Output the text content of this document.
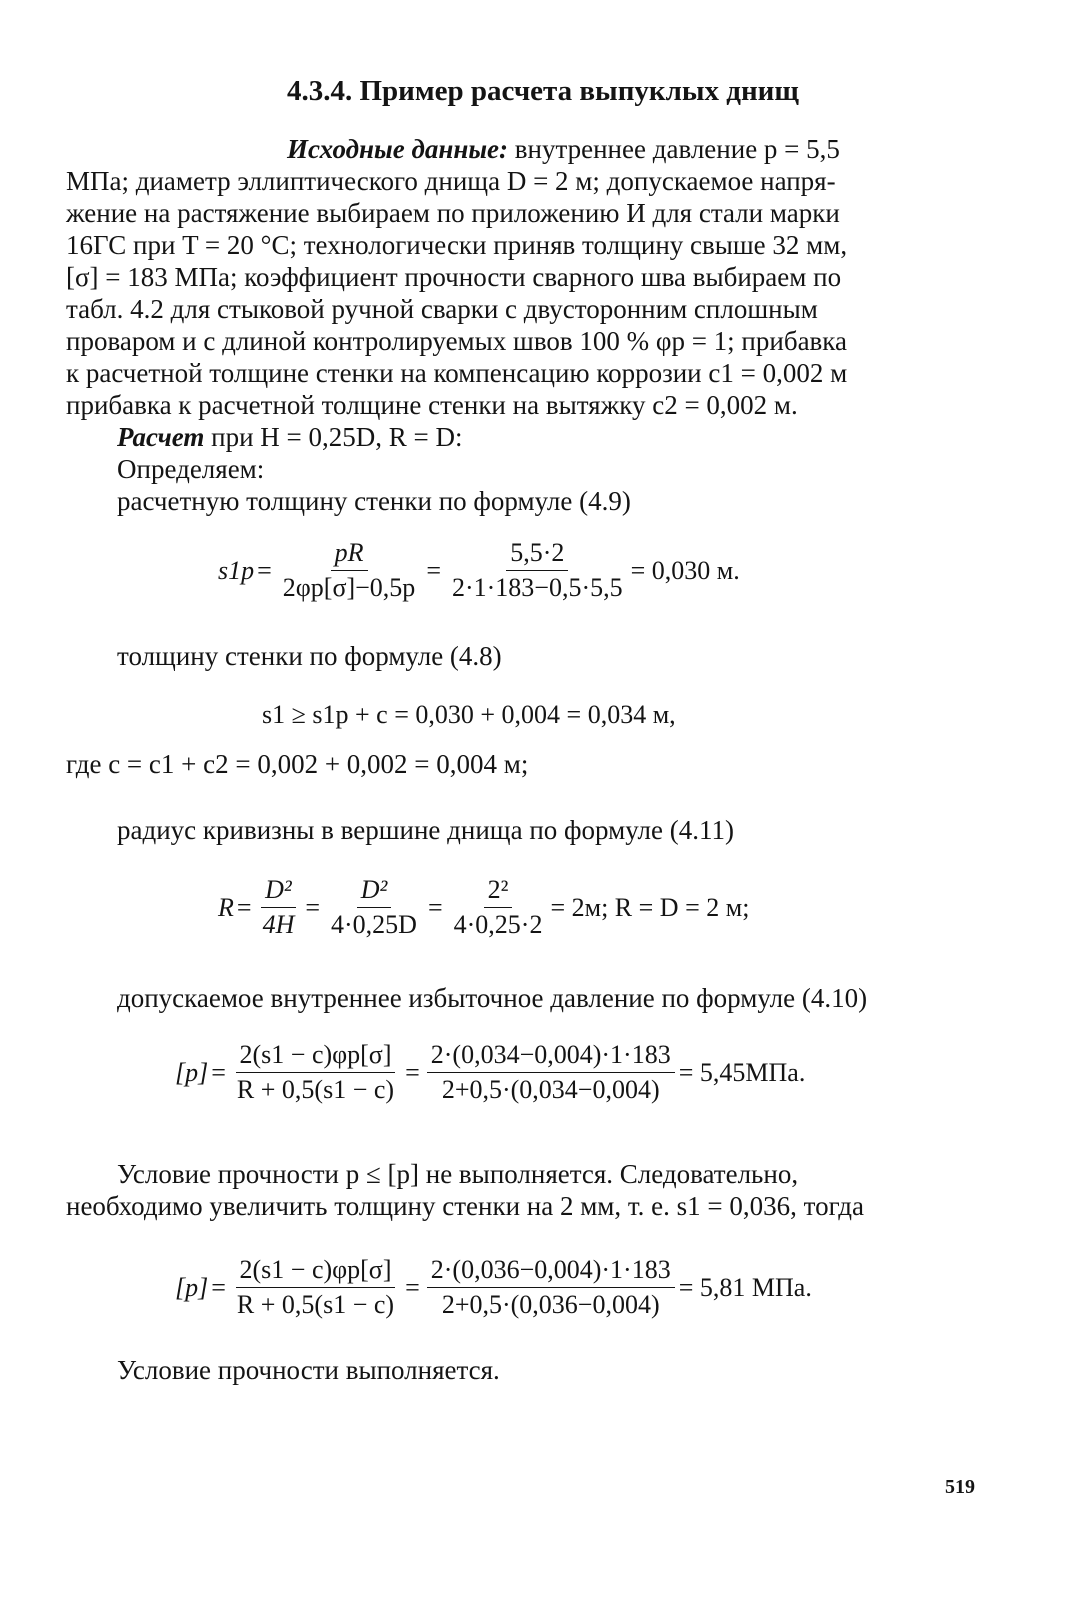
4.3.4. Пример расчета выпуклых днищ
Исходные данные: внутреннее давление p = 5,5
МПа; диаметр эллиптического днища D = 2 м; допускаемое напря-
жение на растяжение выбираем по приложению И для стали марки
16ГС при T = 20 °С; технологически приняв толщину свыше 32 мм,
[σ] = 183 МПа; коэффициент прочности сварного шва выбираем по
табл. 4.2 для стыковой ручной сварки с двусторонним сплошным
проваром и с длиной контролируемых швов 100 % φp = 1; прибавка
к расчетной толщине стенки на компенсацию коррозии c1 = 0,002 м
прибавка к расчетной толщине стенки на вытяжку c2 = 0,002 м.
Расчет при H = 0,25D, R = D:
Определяем:
расчетную толщину стенки по формуле (4.9)
$s1p = \frac{pR}{2\varphi p[\sigma]-0,5p} = \frac{5,5\cdot 2}{2\cdot 1\cdot 183-0,5\cdot 5,5} = 0,030$ м.
толщину стенки по формуле (4.8)
s1 ≥ s1p + c = 0,030 + 0,004 = 0,034 м,
где c = c1 + c2 = 0,002 + 0,002 = 0,004 м;
радиус кривизны в вершине днища по формуле (4.11)
$R = \frac{\text{D²}}{4H} = \frac{\text{D²}}{4\cdot 0,25D} = \frac{\text{2²}}{4\cdot 0,25\cdot 2} = 2м$; R = D = 2 м;
допускаемое внутреннее избыточное давление по формуле (4.10)
$[p] = \frac{2(s1 - c)\varphi p[\sigma]}{R + 0,5(s1 - c)} = \frac{2\cdot(0,034-0,004)\cdot 1\cdot 183}{2+0,5\cdot(0,034-0,004)} = 5,45МПа$.
Условие прочности p ≤ [p] не выполняется. Следовательно,
необходимо увеличить толщину стенки на 2 мм, т. е. s1 = 0,036, тогда
$[p] = \frac{2(s1 - c)\varphi p[\sigma]}{R + 0,5(s1 - c)} = \frac{2\cdot(0,036-0,004)\cdot 1\cdot 183}{2+0,5\cdot(0,036-0,004)} = 5,81$ МПа.
Условие прочности выполняется.
519
